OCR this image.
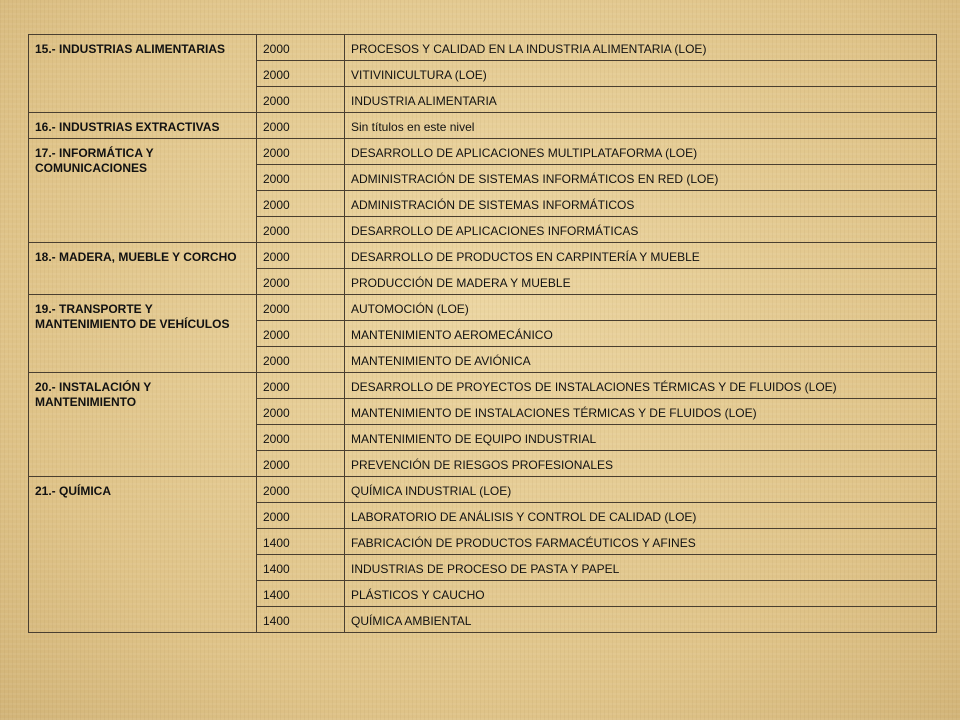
15.- INDUSTRIAS ALIMENTARIAS	2000	PROCESOS Y CALIDAD EN LA INDUSTRIA ALIMENTARIA (LOE)
	2000	VITIVINICULTURA (LOE)
	2000	INDUSTRIA ALIMENTARIA
16.- INDUSTRIAS EXTRACTIVAS	2000	Sin títulos en este nivel
17.- INFORMÁTICA Y COMUNICACIONES	2000	DESARROLLO DE APLICACIONES MULTIPLATAFORMA (LOE)
	2000	ADMINISTRACIÓN DE SISTEMAS INFORMÁTICOS EN RED (LOE)
	2000	ADMINISTRACIÓN DE SISTEMAS INFORMÁTICOS
	2000	DESARROLLO DE APLICACIONES INFORMÁTICAS
18.- MADERA, MUEBLE Y CORCHO	2000	DESARROLLO DE PRODUCTOS EN CARPINTERÍA Y MUEBLE
	2000	PRODUCCIÓN DE MADERA Y MUEBLE
19.- TRANSPORTE Y MANTENIMIENTO DE VEHÍCULOS	2000	AUTOMOCIÓN (LOE)
	2000	MANTENIMIENTO AEROMECÁNICO
	2000	MANTENIMIENTO DE AVIÓNICA
20.- INSTALACIÓN Y MANTENIMIENTO	2000	DESARROLLO DE PROYECTOS DE INSTALACIONES TÉRMICAS Y DE FLUIDOS (LOE)
	2000	MANTENIMIENTO DE INSTALACIONES TÉRMICAS Y DE FLUIDOS (LOE)
	2000	MANTENIMIENTO DE EQUIPO INDUSTRIAL
	2000	PREVENCIÓN DE RIESGOS PROFESIONALES
21.- QUÍMICA	2000	QUÍMICA INDUSTRIAL (LOE)
	2000	LABORATORIO DE ANÁLISIS Y CONTROL DE CALIDAD (LOE)
	1400	FABRICACIÓN DE PRODUCTOS FARMACÉUTICOS Y AFINES
	1400	INDUSTRIAS DE PROCESO DE PASTA Y PAPEL
	1400	PLÁSTICOS Y CAUCHO
	1400	QUÍMICA AMBIENTAL
